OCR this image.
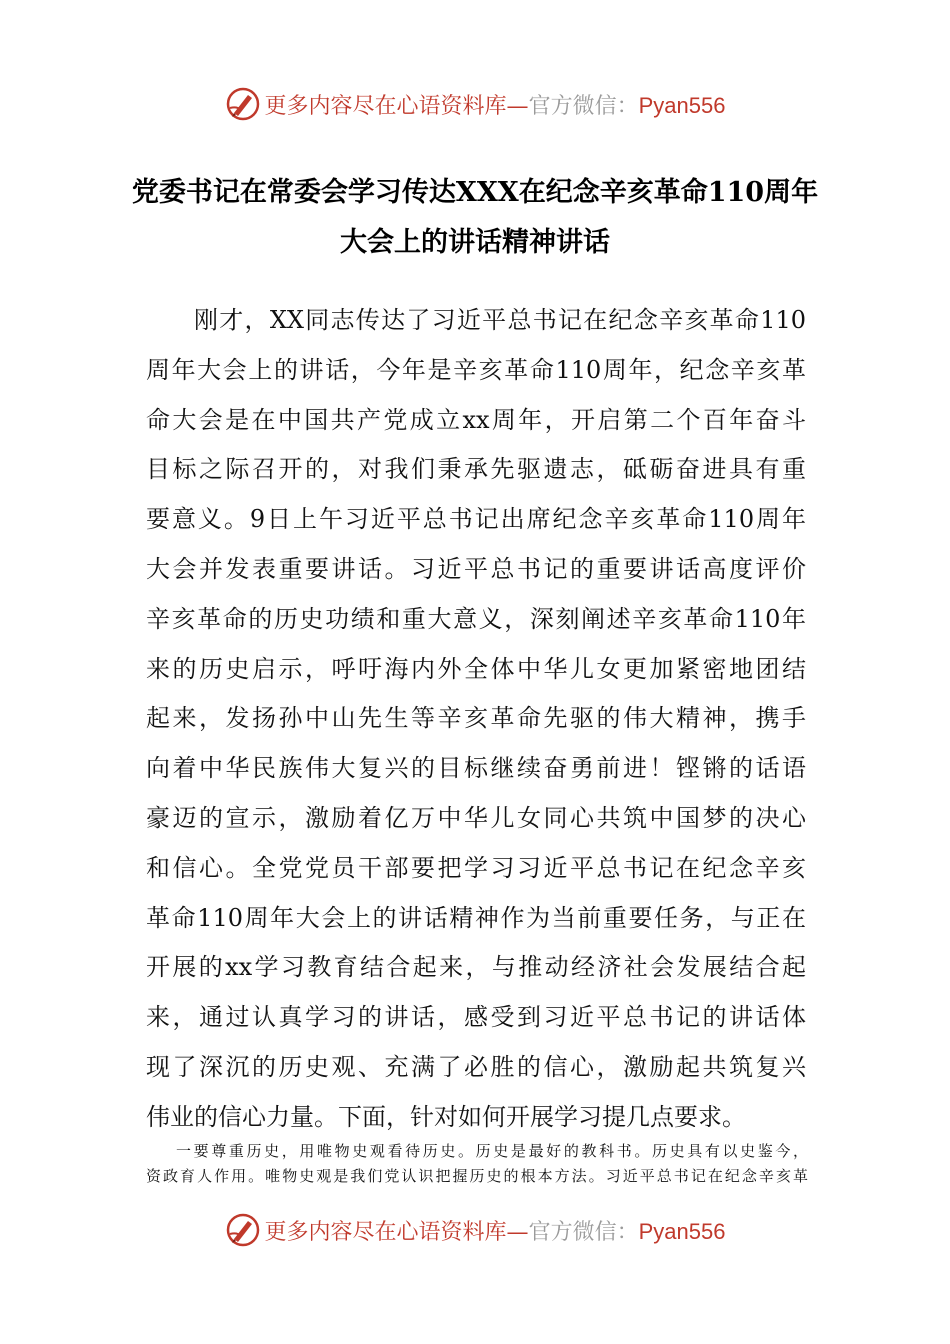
更多内容尽在心语资料库—官方微信：Pyan556
党委书记在常委会学习传达XXX在纪念辛亥革命110周年
大会上的讲话精神讲话
刚才，XX同志传达了习近平总书记在纪念辛亥革命110
周年大会上的讲话，今年是辛亥革命110周年，纪念辛亥革
命大会是在中国共产党成立xx周年，开启第二个百年奋斗
目标之际召开的，对我们秉承先驱遗志，砥砺奋进具有重
要意义。9日上午习近平总书记出席纪念辛亥革命110周年
大会并发表重要讲话。习近平总书记的重要讲话高度评价
辛亥革命的历史功绩和重大意义，深刻阐述辛亥革命110年
来的历史启示，呼吁海内外全体中华儿女更加紧密地团结
起来，发扬孙中山先生等辛亥革命先驱的伟大精神，携手
向着中华民族伟大复兴的目标继续奋勇前进！铿锵的话语
豪迈的宣示，激励着亿万中华儿女同心共筑中国梦的决心
和信心。全党党员干部要把学习习近平总书记在纪念辛亥
革命110周年大会上的讲话精神作为当前重要任务，与正在
开展的xx学习教育结合起来，与推动经济社会发展结合起
来，通过认真学习的讲话，感受到习近平总书记的讲话体
现了深沉的历史观、充满了必胜的信心，激励起共筑复兴
伟业的信心力量。下面，针对如何开展学习提几点要求。
一要尊重历史，用唯物史观看待历史。历史是最好的教科书。历史具有以史鉴今，
资政育人作用。唯物史观是我们党认识把握历史的根本方法。习近平总书记在纪念辛亥革
更多内容尽在心语资料库—官方微信：Pyan556
